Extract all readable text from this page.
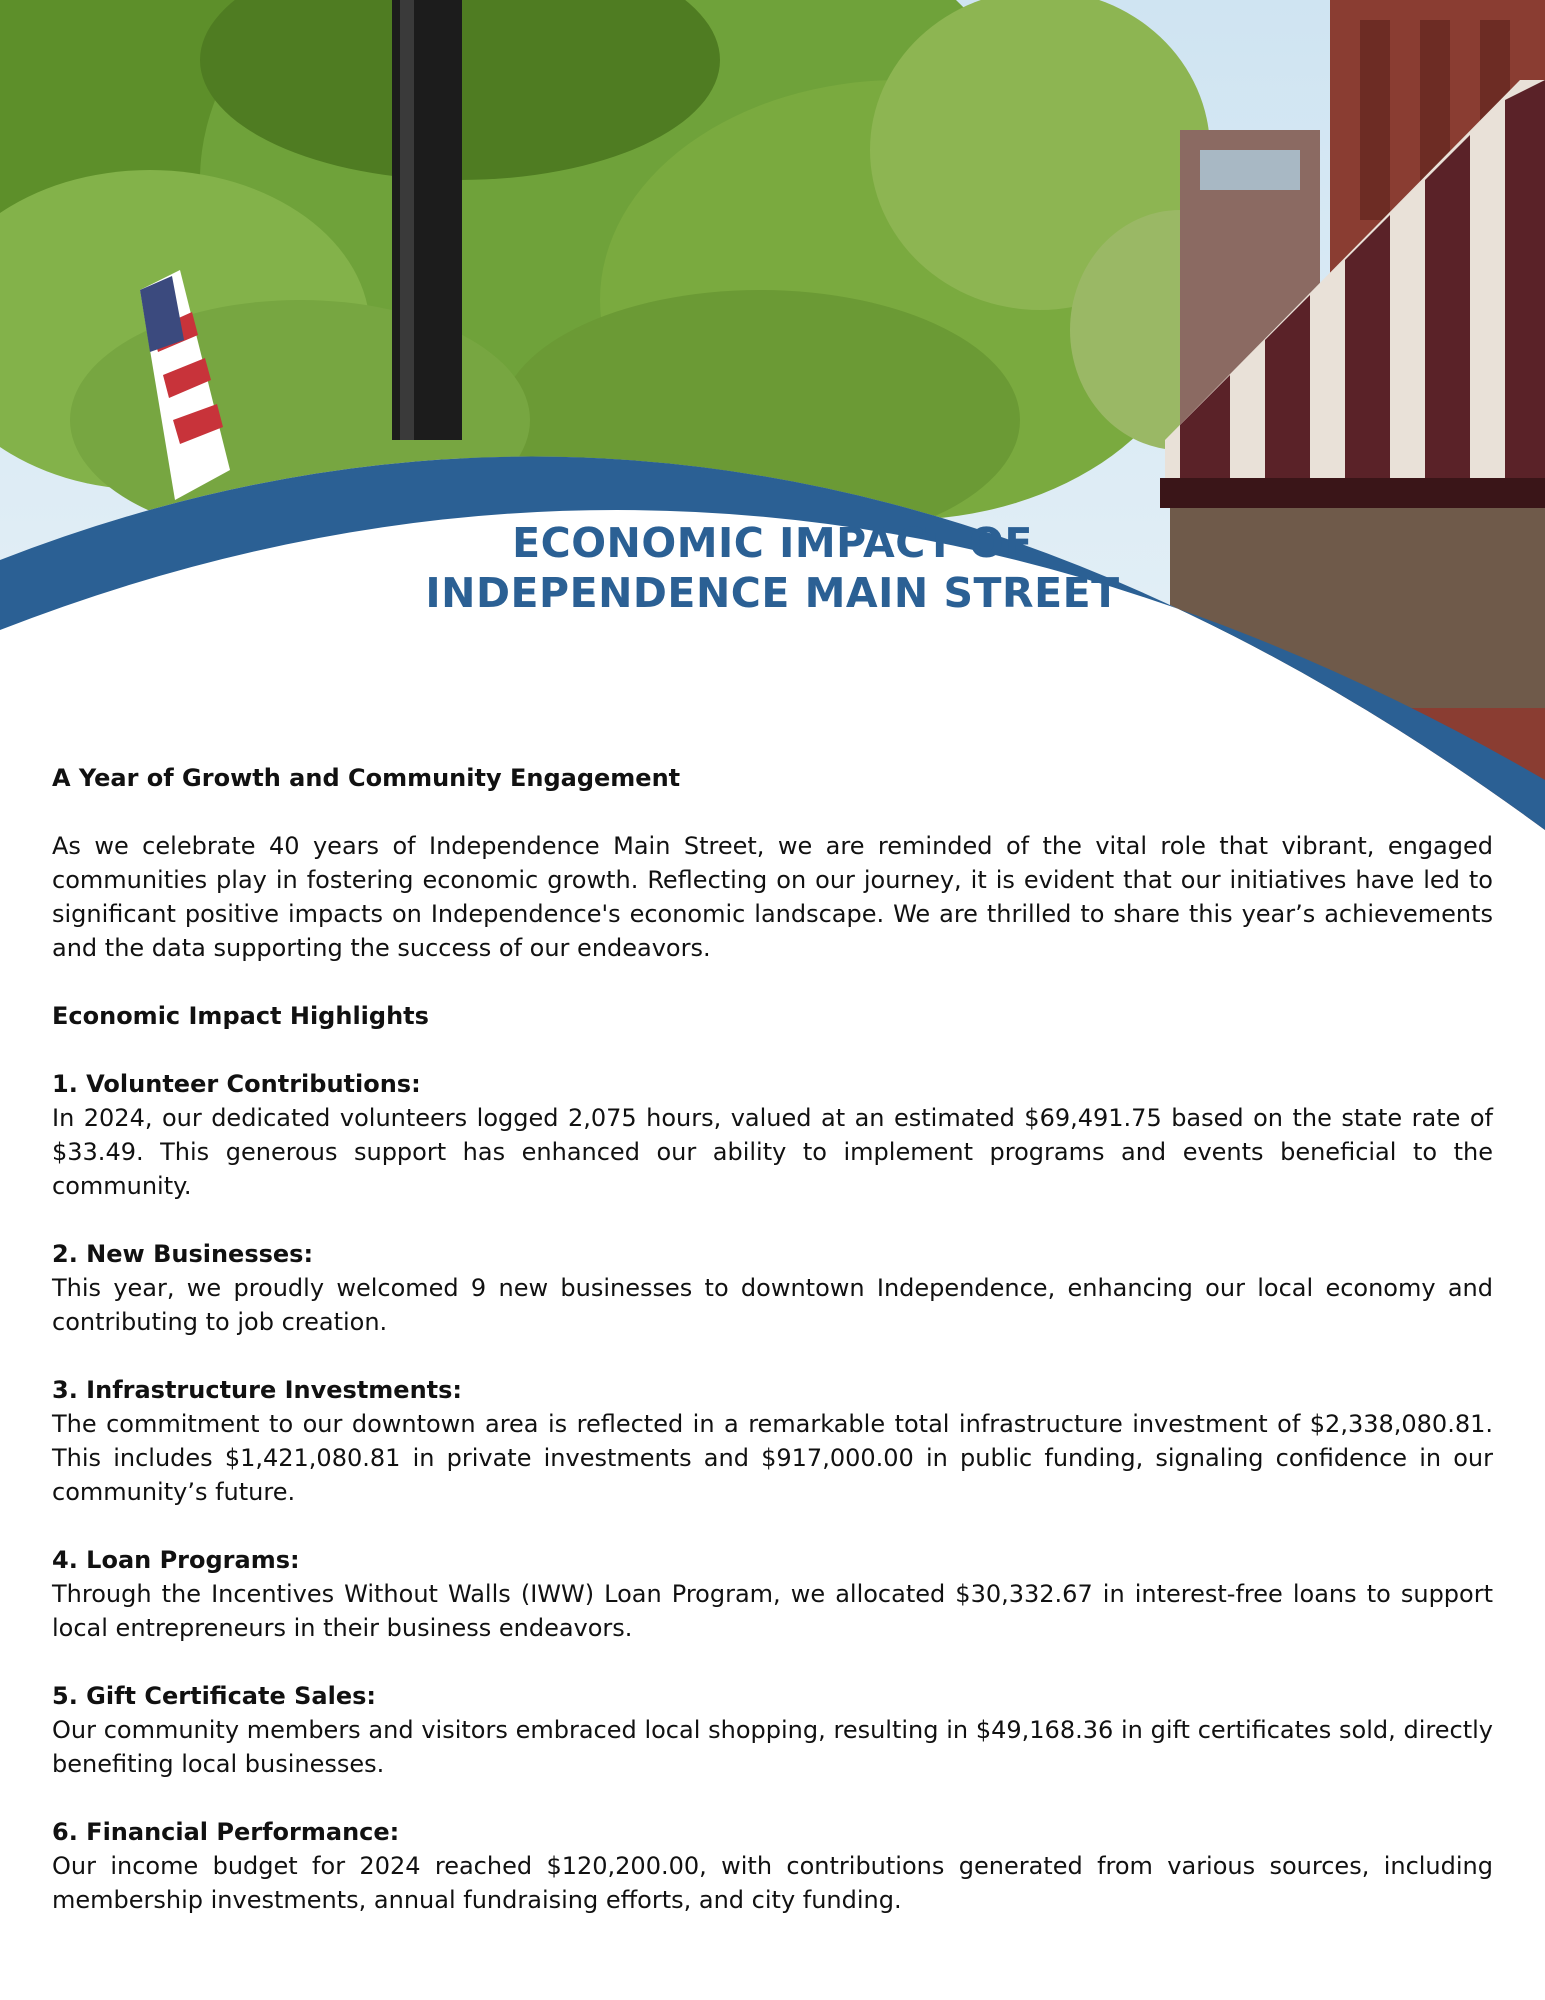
ECONOMIC IMPACT OF
INDEPENDENCE MAIN STREET

A Year of Growth and Community Engagement

As we celebrate 40 years of Independence Main Street, we are reminded of the vital role that vibrant, engaged communities play in fostering economic growth. Reflecting on our journey, it is evident that our initiatives have led to significant positive impacts on Independence's economic landscape. We are thrilled to share this year’s achievements and the data supporting the success of our endeavors.

Economic Impact Highlights

1. Volunteer Contributions:

In 2024, our dedicated volunteers logged 2,075 hours, valued at an estimated $69,491.75 based on the state rate of $33.49. This generous support has enhanced our ability to implement programs and events beneficial to the community.

2. New Businesses:

This year, we proudly welcomed 9 new businesses to downtown Independence, enhancing our local economy and contributing to job creation.

3. Infrastructure Investments:

The commitment to our downtown area is reflected in a remarkable total infrastructure investment of $2,338,080.81. This includes $1,421,080.81 in private investments and $917,000.00 in public funding, signaling confidence in our community’s future.

4. Loan Programs:

Through the Incentives Without Walls (IWW) Loan Program, we allocated $30,332.67 in interest-free loans to support local entrepreneurs in their business endeavors.

5. Gift Certificate Sales:

Our community members and visitors embraced local shopping, resulting in $49,168.36 in gift certificates sold, directly benefiting local businesses.

6. Financial Performance:

Our income budget for 2024 reached $120,200.00, with contributions generated from various sources, including membership investments, annual fundraising efforts, and city funding.
